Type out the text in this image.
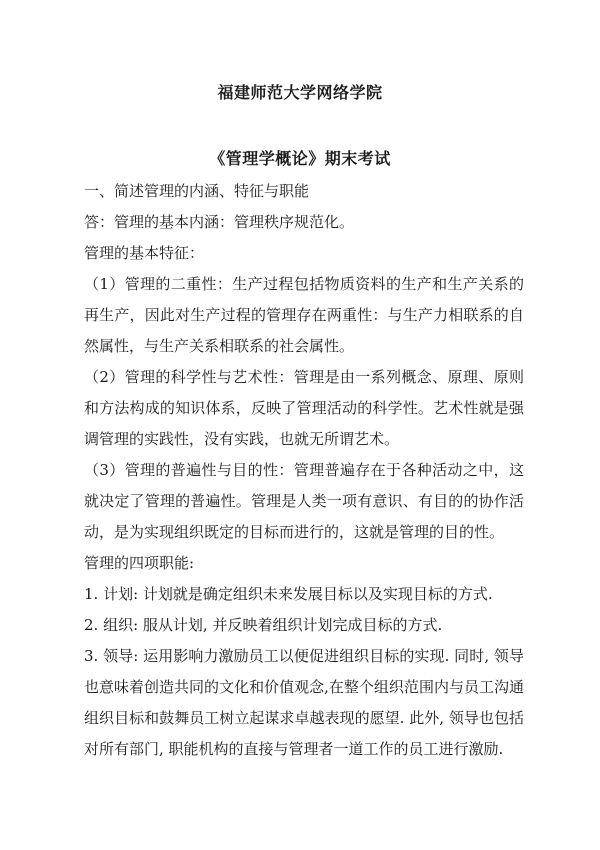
福建师范大学网络学院
《管理学概论》期末考试

一、简述管理的内涵、特征与职能

答：管理的基本内涵：管理秩序规范化。

管理的基本特征：

（1）管理的二重性：生产过程包括物质资料的生产和生产关系的再生产，因此对生产过程的管理存在两重性：与生产力相联系的自然属性，与生产关系相联系的社会属性。

（2）管理的科学性与艺术性：管理是由一系列概念、原理、原则和方法构成的知识体系，反映了管理活动的科学性。艺术性就是强调管理的实践性，没有实践，也就无所谓艺术。

（3）管理的普遍性与目的性：管理普遍存在于各种活动之中，这就决定了管理的普遍性。管理是人类一项有意识、有目的的协作活动，是为实现组织既定的目标而进行的，这就是管理的目的性。

管理的四项职能:

1. 计划: 计划就是确定组织未来发展目标以及实现目标的方式.

2. 组织: 服从计划, 并反映着组织计划完成目标的方式.

3. 领导: 运用影响力激励员工以便促进组织目标的实现. 同时, 领导也意味着创造共同的文化和价值观念,在整个组织范围内与员工沟通组织目标和鼓舞员工树立起谋求卓越表现的愿望. 此外, 领导也包括对所有部门, 职能机构的直接与管理者一道工作的员工进行激励.
